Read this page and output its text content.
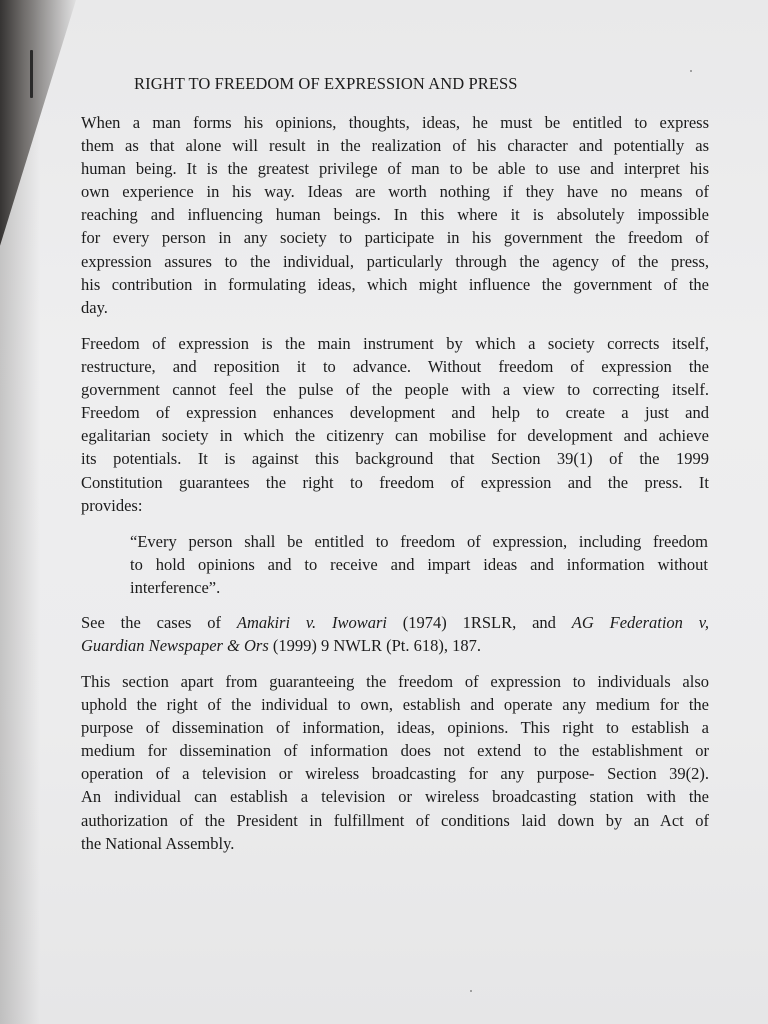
RIGHT TO FREEDOM OF EXPRESSION AND PRESS

When a man forms his opinions, thoughts, ideas, he must be entitled to express
them as that alone will result in the realization of his character and potentially as
human being. It is the greatest privilege of man to be able to use and interpret his
own experience in his way. Ideas are worth nothing if they have no means of
reaching and influencing human beings. In this where it is absolutely impossible
for every person in any society to participate in his government the freedom of
expression assures to the individual, particularly through the agency of the press,
his contribution in formulating ideas, which might influence the government of the
day.

Freedom of expression is the main instrument by which a society corrects itself,
restructure, and reposition it to advance. Without freedom of expression the
government cannot feel the pulse of the people with a view to correcting itself.
Freedom of expression enhances development and help to create a just and
egalitarian society in which the citizenry can mobilise for development and achieve
its potentials. It is against this background that Section 39(1) of the 1999
Constitution guarantees the right to freedom of expression and the press. It
provides:

“Every person shall be entitled to freedom of expression, including freedom
to hold opinions and to receive and impart ideas and information without
interference”.

See the cases of Amakiri v. Iwowari (1974) 1RSLR, and AG Federation v,
Guardian Newspaper & Ors (1999) 9 NWLR (Pt. 618), 187.

This section apart from guaranteeing the freedom of expression to individuals also
uphold the right of the individual to own, establish and operate any medium for the
purpose of dissemination of information, ideas, opinions. This right to establish a
medium for dissemination of information does not extend to the establishment or
operation of a television or wireless broadcasting for any purpose- Section 39(2).
An individual can establish a television or wireless broadcasting station with the
authorization of the President in fulfillment of conditions laid down by an Act of
the National Assembly.
